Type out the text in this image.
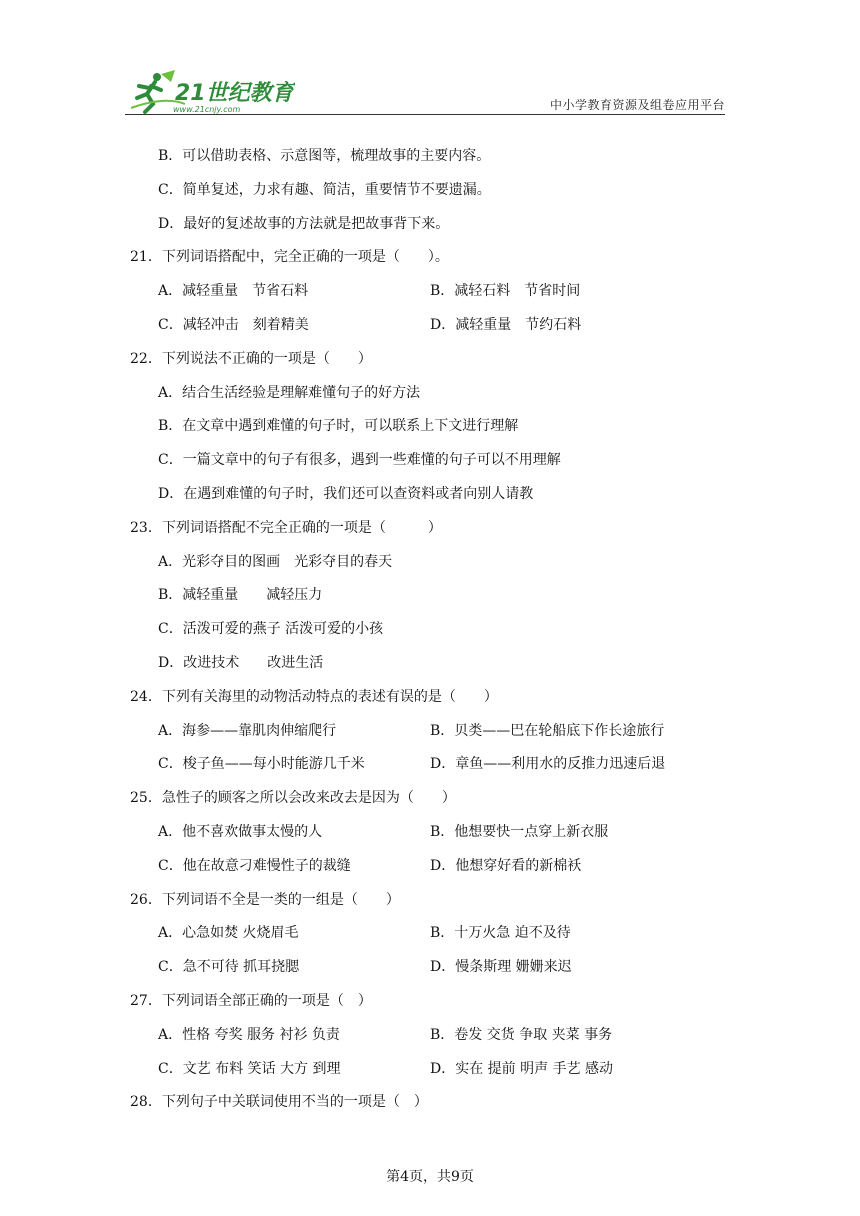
21世纪教育
www.21cnjy.com	中小学教育资源及组卷应用平台
B．可以借助表格、示意图等，梳理故事的主要内容。
C．简单复述，力求有趣、简洁，重要情节不要遗漏。
D．最好的复述故事的方法就是把故事背下来。
21．下列词语搭配中，完全正确的一项是（　　）。
A．减轻重量　节省石料	B．减轻石料　节省时间
C．减轻冲击　刻着精美	D．减轻重量　节约石料
22．下列说法不正确的一项是（　　）
A．结合生活经验是理解难懂句子的好方法
B．在文章中遇到难懂的句子时，可以联系上下文进行理解
C．一篇文章中的句子有很多，遇到一些难懂的句子可以不用理解
D．在遇到难懂的句子时，我们还可以查资料或者向别人请教
23．下列词语搭配不完全正确的一项是（　　　）
A．光彩夺目的图画　光彩夺目的春天
B．减轻重量　　减轻压力
C．活泼可爱的燕子 活泼可爱的小孩
D．改进技术　　改进生活
24．下列有关海里的动物活动特点的表述有误的是（　　）
A．海参——靠肌肉伸缩爬行	B．贝类——巴在轮船底下作长途旅行
C．梭子鱼——每小时能游几千米	D．章鱼——利用水的反推力迅速后退
25．急性子的顾客之所以会改来改去是因为（　　）
A．他不喜欢做事太慢的人	B．他想要快一点穿上新衣服
C．他在故意刁难慢性子的裁缝	D．他想穿好看的新棉袄
26．下列词语不全是一类的一组是（　　）
A．心急如焚 火烧眉毛	B．十万火急 迫不及待
C．急不可待 抓耳挠腮	D．慢条斯理 姗姗来迟
27．下列词语全部正确的一项是（　）
A．性格 夸奖 服务 衬衫 负责	B．卷发 交货 争取 夹菜 事务
C．文艺 布料 笑话 大方 到理	D．实在 提前 明声 手艺 感动
28．下列句子中关联词使用不当的一项是（　）
第4页，共9页
